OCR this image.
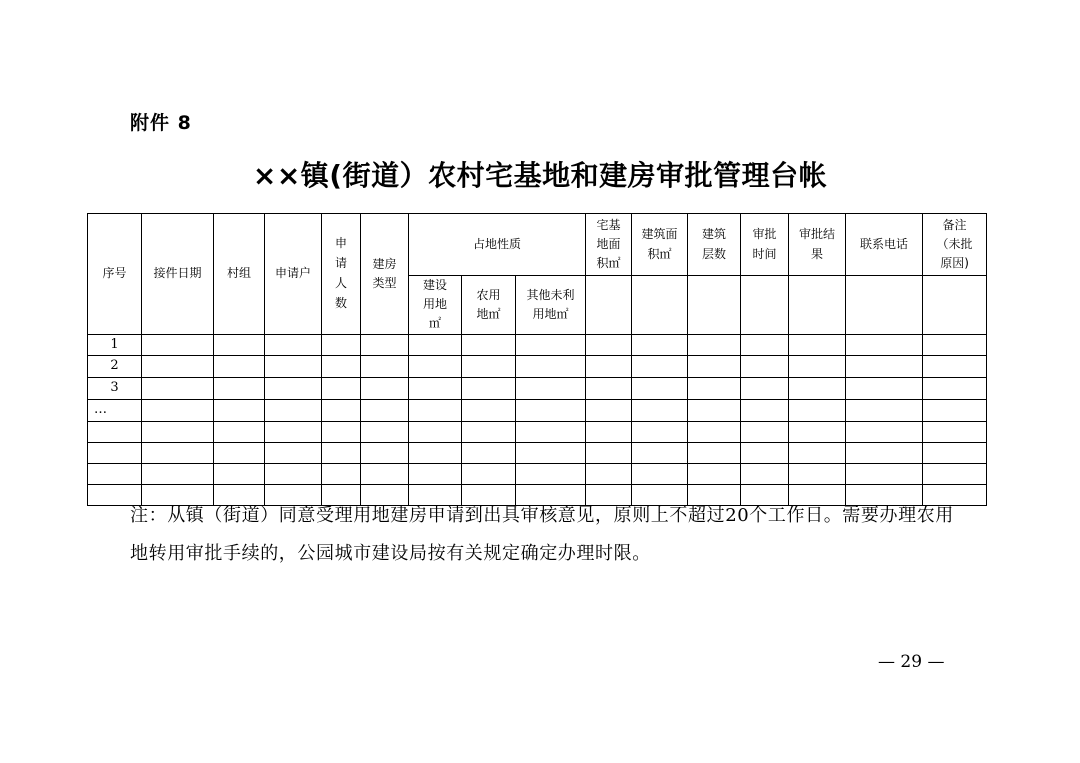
附件 8
××镇(街道）农村宅基地和建房审批管理台帐
序号	接件日期	村组	申请户	申请人数	建房类型	占地性质			宅基地面积㎡	建筑面积㎡	建筑层数	审批时间	审批结果	联系电话	备注（未批原因)
						建设用地㎡	农用地㎡	其他未利用地㎡							
1															
2															
3															
…															

注：从镇（街道）同意受理用地建房申请到出具审核意见，原则上不超过20个工作日。需要办理农用地转用审批手续的，公园城市建设局按有关规定确定办理时限。
— 29 —
